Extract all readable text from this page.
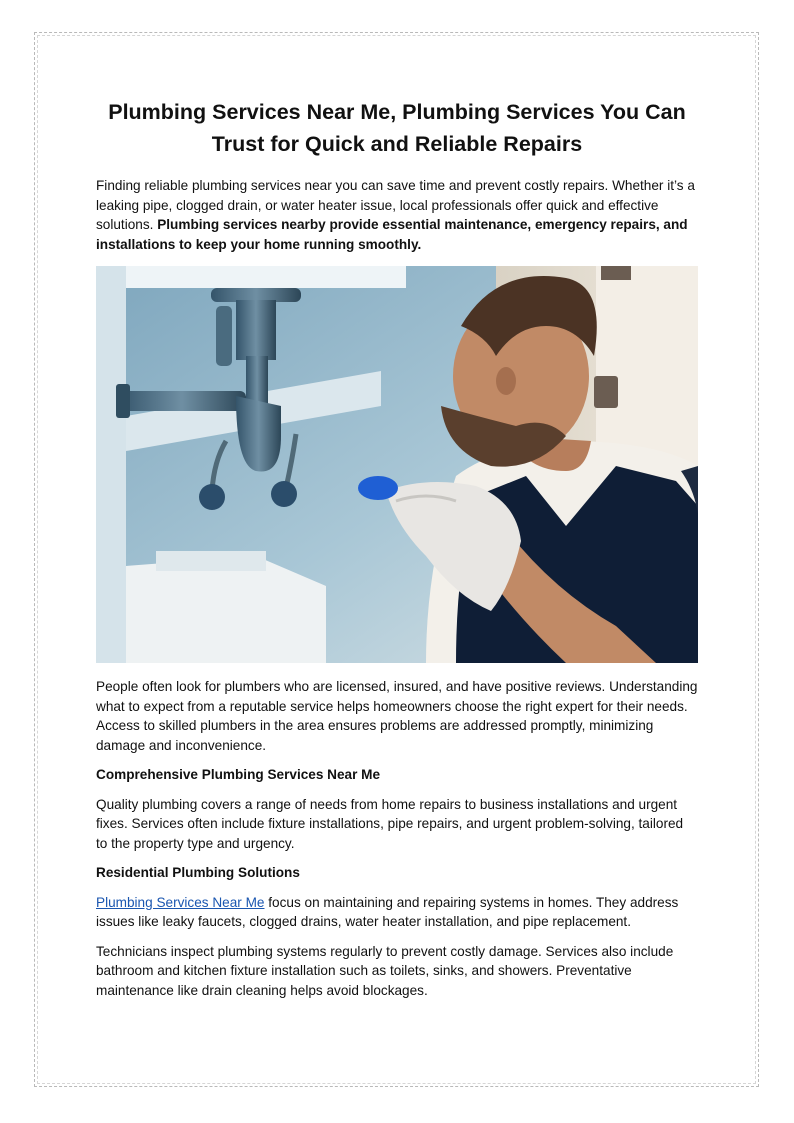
Plumbing Services Near Me, Plumbing Services You Can Trust for Quick and Reliable Repairs

Finding reliable plumbing services near you can save time and prevent costly repairs. Whether it’s a leaking pipe, clogged drain, or water heater issue, local professionals offer quick and effective solutions. Plumbing services nearby provide essential maintenance, emergency repairs, and installations to keep your home running smoothly.

People often look for plumbers who are licensed, insured, and have positive reviews. Understanding what to expect from a reputable service helps homeowners choose the right expert for their needs. Access to skilled plumbers in the area ensures problems are addressed promptly, minimizing damage and inconvenience.

Comprehensive Plumbing Services Near Me

Quality plumbing covers a range of needs from home repairs to business installations and urgent fixes. Services often include fixture installations, pipe repairs, and urgent problem-solving, tailored to the property type and urgency.

Residential Plumbing Solutions

Plumbing Services Near Me focus on maintaining and repairing systems in homes. They address issues like leaky faucets, clogged drains, water heater installation, and pipe replacement.

Technicians inspect plumbing systems regularly to prevent costly damage. Services also include bathroom and kitchen fixture installation such as toilets, sinks, and showers. Preventative maintenance like drain cleaning helps avoid blockages.
